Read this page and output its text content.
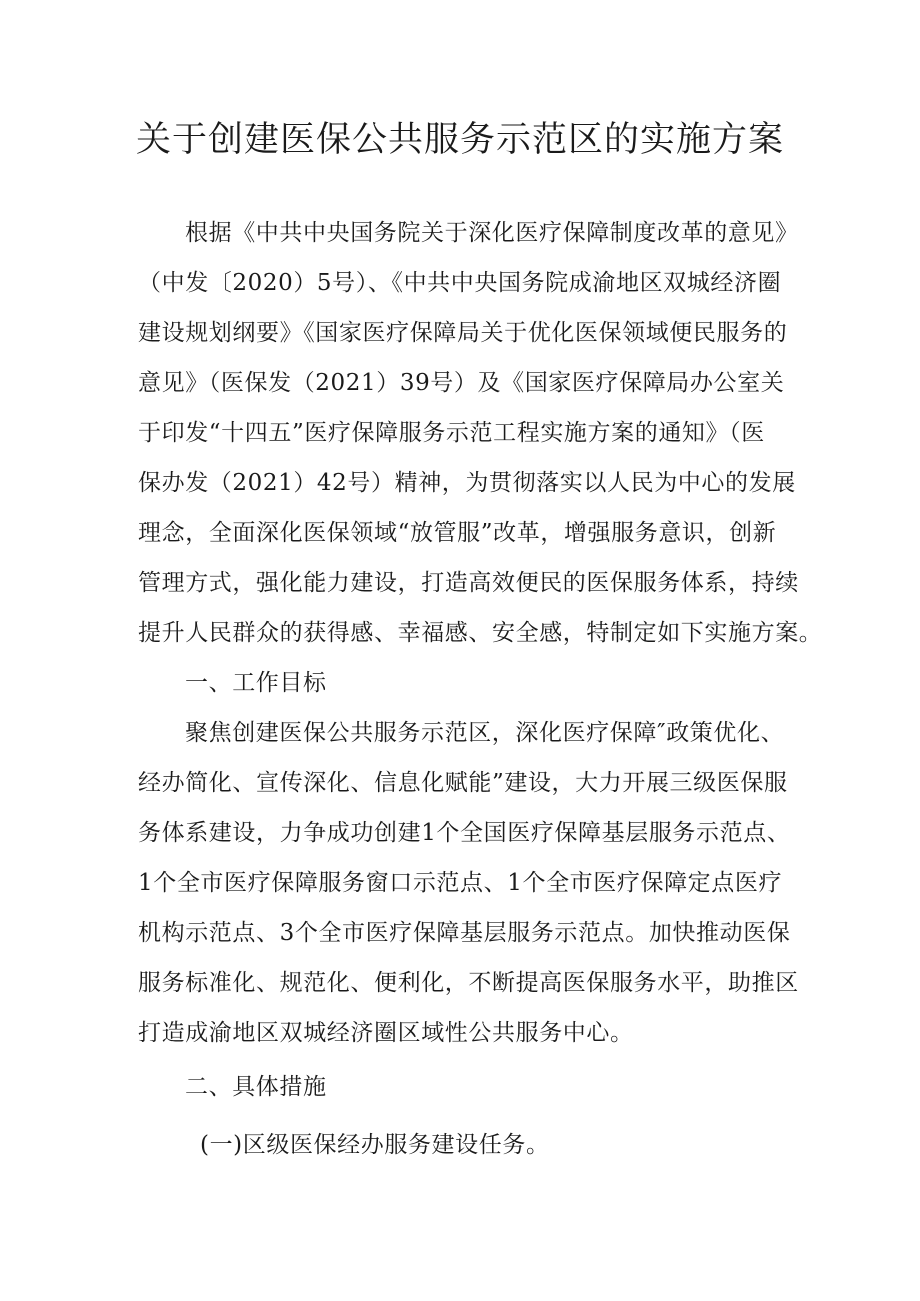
关于创建医保公共服务示范区的实施方案

根据《中共中央国务院关于深化医疗保障制度改革的意见》

（中发〔2020）5号）、《中共中央国务院成渝地区双城经济圈

建设规划纲要》《国家医疗保障局关于优化医保领域便民服务的

意见》（医保发（2021）39号）及《国家医疗保障局办公室关

于印发“十四五”医疗保障服务示范工程实施方案的通知》（医

保办发（2021）42号）精神，为贯彻落实以人民为中心的发展

理念，全面深化医保领域“放管服”改革，增强服务意识，创新

管理方式，强化能力建设，打造高效便民的医保服务体系，持续

提升人民群众的获得感、幸福感、安全感，特制定如下实施方案。

一、工作目标

聚焦创建医保公共服务示范区，深化医疗保障″政策优化、

经办简化、宣传深化、信息化赋能”建设，大力开展三级医保服

务体系建设，力争成功创建1个全国医疗保障基层服务示范点、

1个全市医疗保障服务窗口示范点、1个全市医疗保障定点医疗

机构示范点、3个全市医疗保障基层服务示范点。加快推动医保

服务标准化、规范化、便利化，不断提高医保服务水平，助推区

打造成渝地区双城经济圈区域性公共服务中心。

二、具体措施

(一)区级医保经办服务建设任务。
